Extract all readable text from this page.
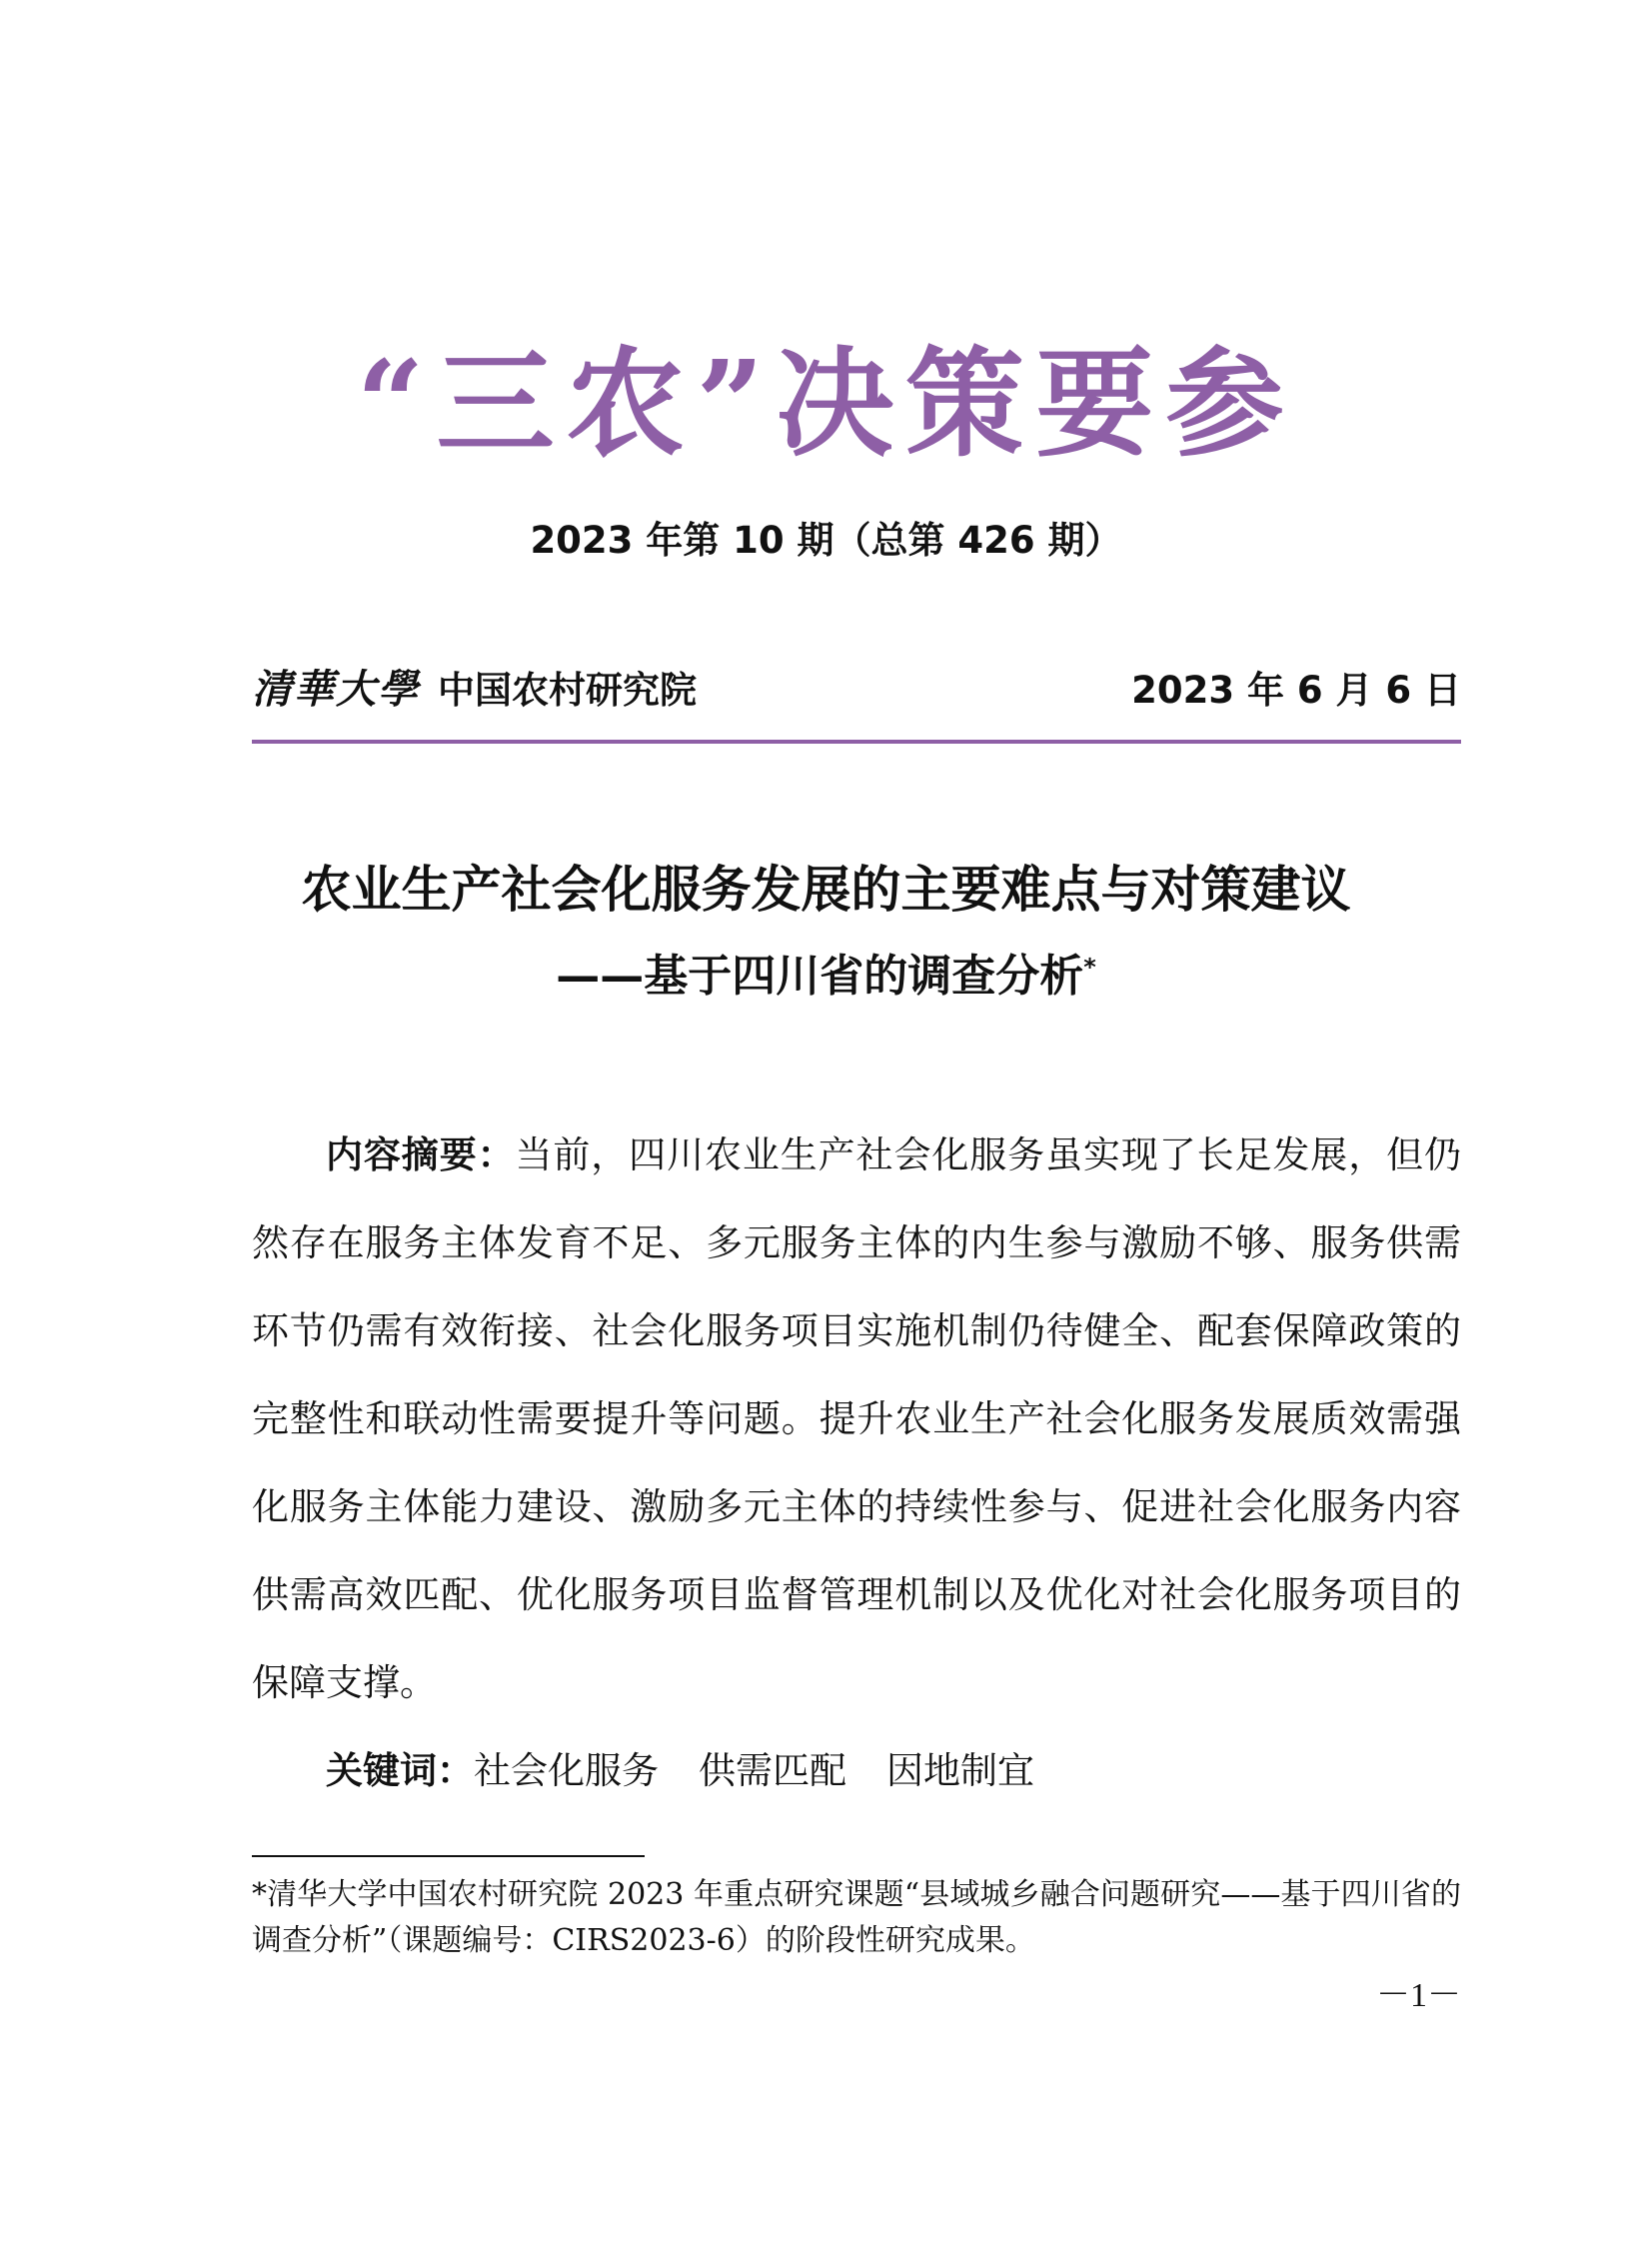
“三农”决策要参
2023 年第 10 期（总第 426 期）
清華大學 中国农村研究院	2023 年 6 月 6 日
农业生产社会化服务发展的主要难点与对策建议
——基于四川省的调查分析*

内容摘要：当前，四川农业生产社会化服务虽实现了长足发展，但仍然存在服务主体发育不足、多元服务主体的内生参与激励不够、服务供需环节仍需有效衔接、社会化服务项目实施机制仍待健全、配套保障政策的完整性和联动性需要提升等问题。提升农业生产社会化服务发展质效需强化服务主体能力建设、激励多元主体的持续性参与、促进社会化服务内容供需高效匹配、优化服务项目监督管理机制以及优化对社会化服务项目的保障支撑。

关键词：社会化服务 供需匹配 因地制宜

*清华大学中国农村研究院 2023 年重点研究课题“县域城乡融合问题研究——基于四川省的调查分析”（课题编号：CIRS2023-6）的阶段性研究成果。

－1－
